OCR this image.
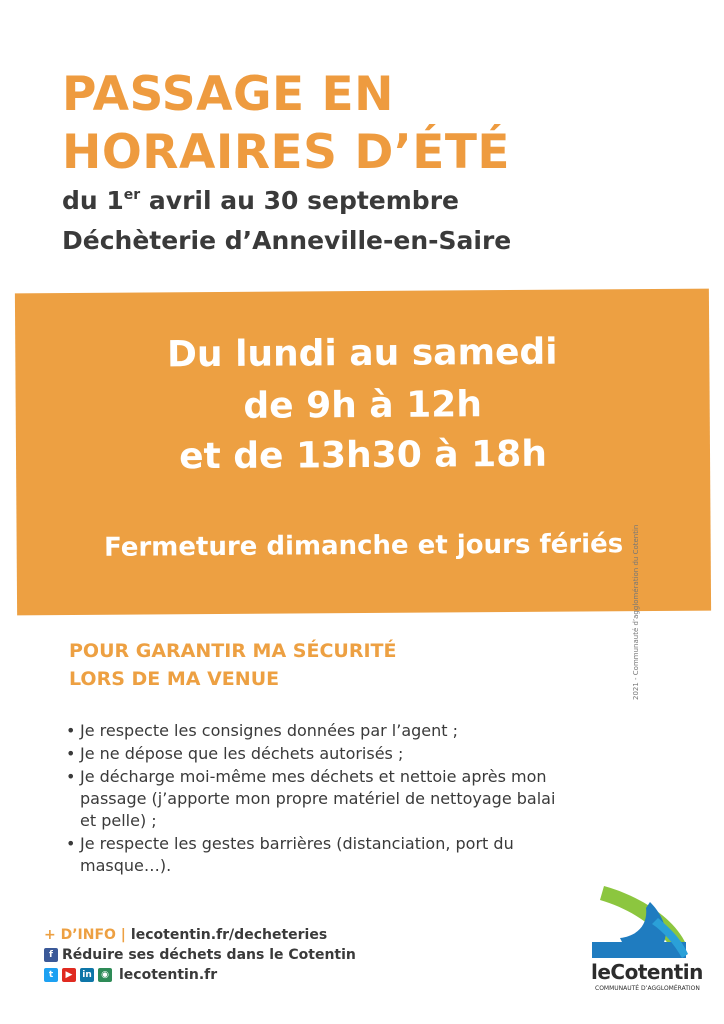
PASSAGE EN
HORAIRES D’ÉTÉ
du 1er avril au 30 septembre
Déchèterie d’Anneville-en-Saire
Du lundi au samedi
de 9h à 12h
et de 13h30 à 18h
Fermeture dimanche et jours fériés
POUR GARANTIR MA SÉCURITÉ
LORS DE MA VENUE
• Je respecte les consignes données par l’agent ;
• Je ne dépose que les déchets autorisés ;
• Je décharge moi-même mes déchets et nettoie après mon passage (j’apporte mon propre matériel de nettoyage balai et pelle) ;
• Je respecte les gestes barrières (distanciation, port du masque…).
2021 - Communauté d’agglomération du Cotentin
+ D’INFO | lecotentin.fr/decheteries
f Réduire ses déchets dans le Cotentin
t	▶	in	◉ lecotentin.fr	leCotentin
COMMUNAUTÉ D’AGGLOMÉRATION
